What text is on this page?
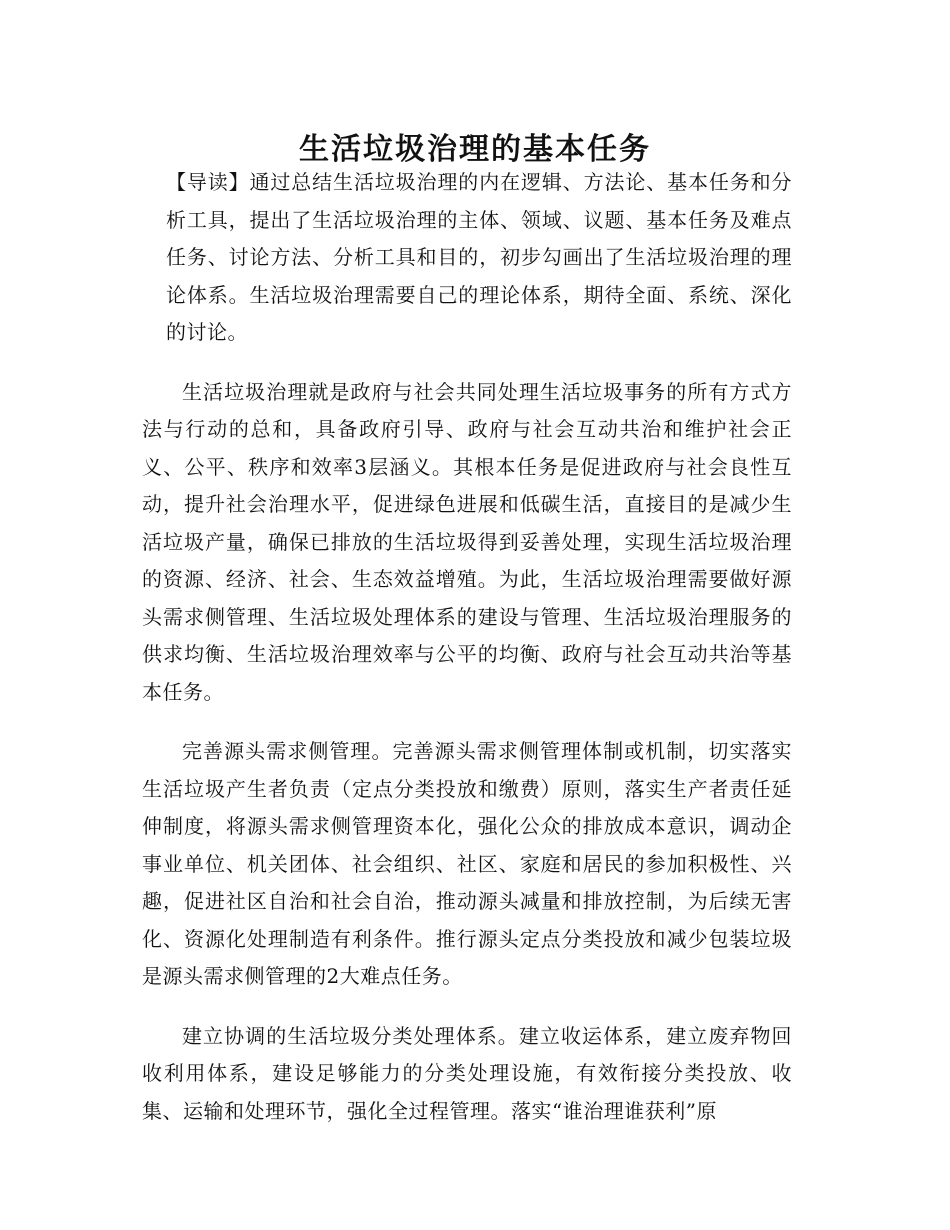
生活垃圾治理的基本任务

【导读】通过总结生活垃圾治理的内在逻辑、方法论、基本任务和分析工具，提出了生活垃圾治理的主体、领域、议题、基本任务及难点任务、讨论方法、分析工具和目的，初步勾画出了生活垃圾治理的理论体系。生活垃圾治理需要自己的理论体系，期待全面、系统、深化的讨论。

生活垃圾治理就是政府与社会共同处理生活垃圾事务的所有方式方法与行动的总和，具备政府引导、政府与社会互动共治和维护社会正义、公平、秩序和效率3层涵义。其根本任务是促进政府与社会良性互动，提升社会治理水平，促进绿色进展和低碳生活，直接目的是减少生活垃圾产量，确保已排放的生活垃圾得到妥善处理，实现生活垃圾治理的资源、经济、社会、生态效益增殖。为此，生活垃圾治理需要做好源头需求侧管理、生活垃圾处理体系的建设与管理、生活垃圾治理服务的供求均衡、生活垃圾治理效率与公平的均衡、政府与社会互动共治等基本任务。

完善源头需求侧管理。完善源头需求侧管理体制或机制，切实落实生活垃圾产生者负责（定点分类投放和缴费）原则，落实生产者责任延伸制度，将源头需求侧管理资本化，强化公众的排放成本意识，调动企事业单位、机关团体、社会组织、社区、家庭和居民的参加积极性、兴趣，促进社区自治和社会自治，推动源头减量和排放控制，为后续无害化、资源化处理制造有利条件。推行源头定点分类投放和减少包装垃圾是源头需求侧管理的2大难点任务。

建立协调的生活垃圾分类处理体系。建立收运体系，建立废弃物回收利用体系，建设足够能力的分类处理设施，有效衔接分类投放、收集、运输和处理环节，强化全过程管理。落实“谁治理谁获利”原
